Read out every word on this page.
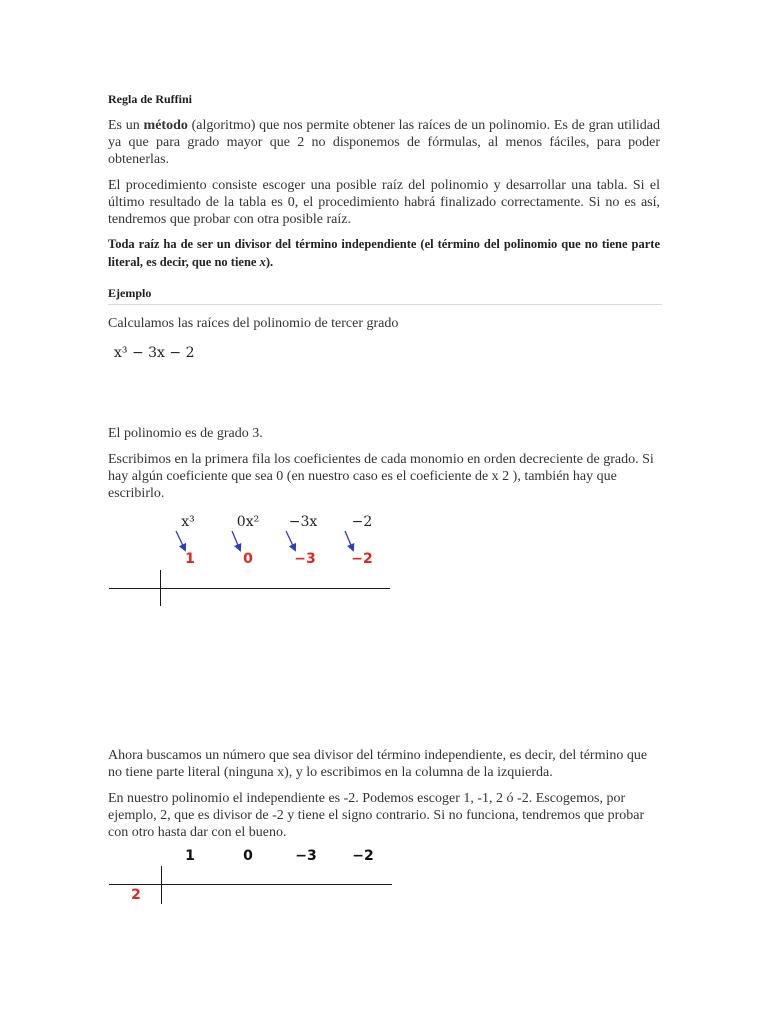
Regla de Ruffini
Es un método (algoritmo) que nos permite obtener las raíces de un polinomio. Es de gran utilidad ya que para grado mayor que 2 no disponemos de fórmulas, al menos fáciles, para poder obtenerlas.
El procedimiento consiste escoger una posible raíz del polinomio y desarrollar una tabla. Si el último resultado de la tabla es 0, el procedimiento habrá finalizado correctamente. Si no es así, tendremos que probar con otra posible raíz.
Toda raíz ha de ser un divisor del término independiente (el término del polinomio que no tiene parte literal, es decir, que no tiene x).
Ejemplo
Calculamos las raíces del polinomio de tercer grado
x³ − 3x − 2
El polinomio es de grado 3.
Escribimos en la primera fila los coeficientes de cada monomio en orden decreciente de grado. Si hay algún coeficiente que sea 0 (en nuestro caso es el coeficiente de x 2 ), también hay que escribirlo.
x³	0x²	−3x	−2
1	0	−3	−2
Ahora buscamos un número que sea divisor del término independiente, es decir, del término que no tiene parte literal (ninguna x), y lo escribimos en la columna de la izquierda.
En nuestro polinomio el independiente es -2. Podemos escoger 1, -1, 2 ó -2. Escogemos, por ejemplo, 2, que es divisor de -2 y tiene el signo contrario. Si no funciona, tendremos que probar con otro hasta dar con el bueno.
1	0	−3	−2
2
